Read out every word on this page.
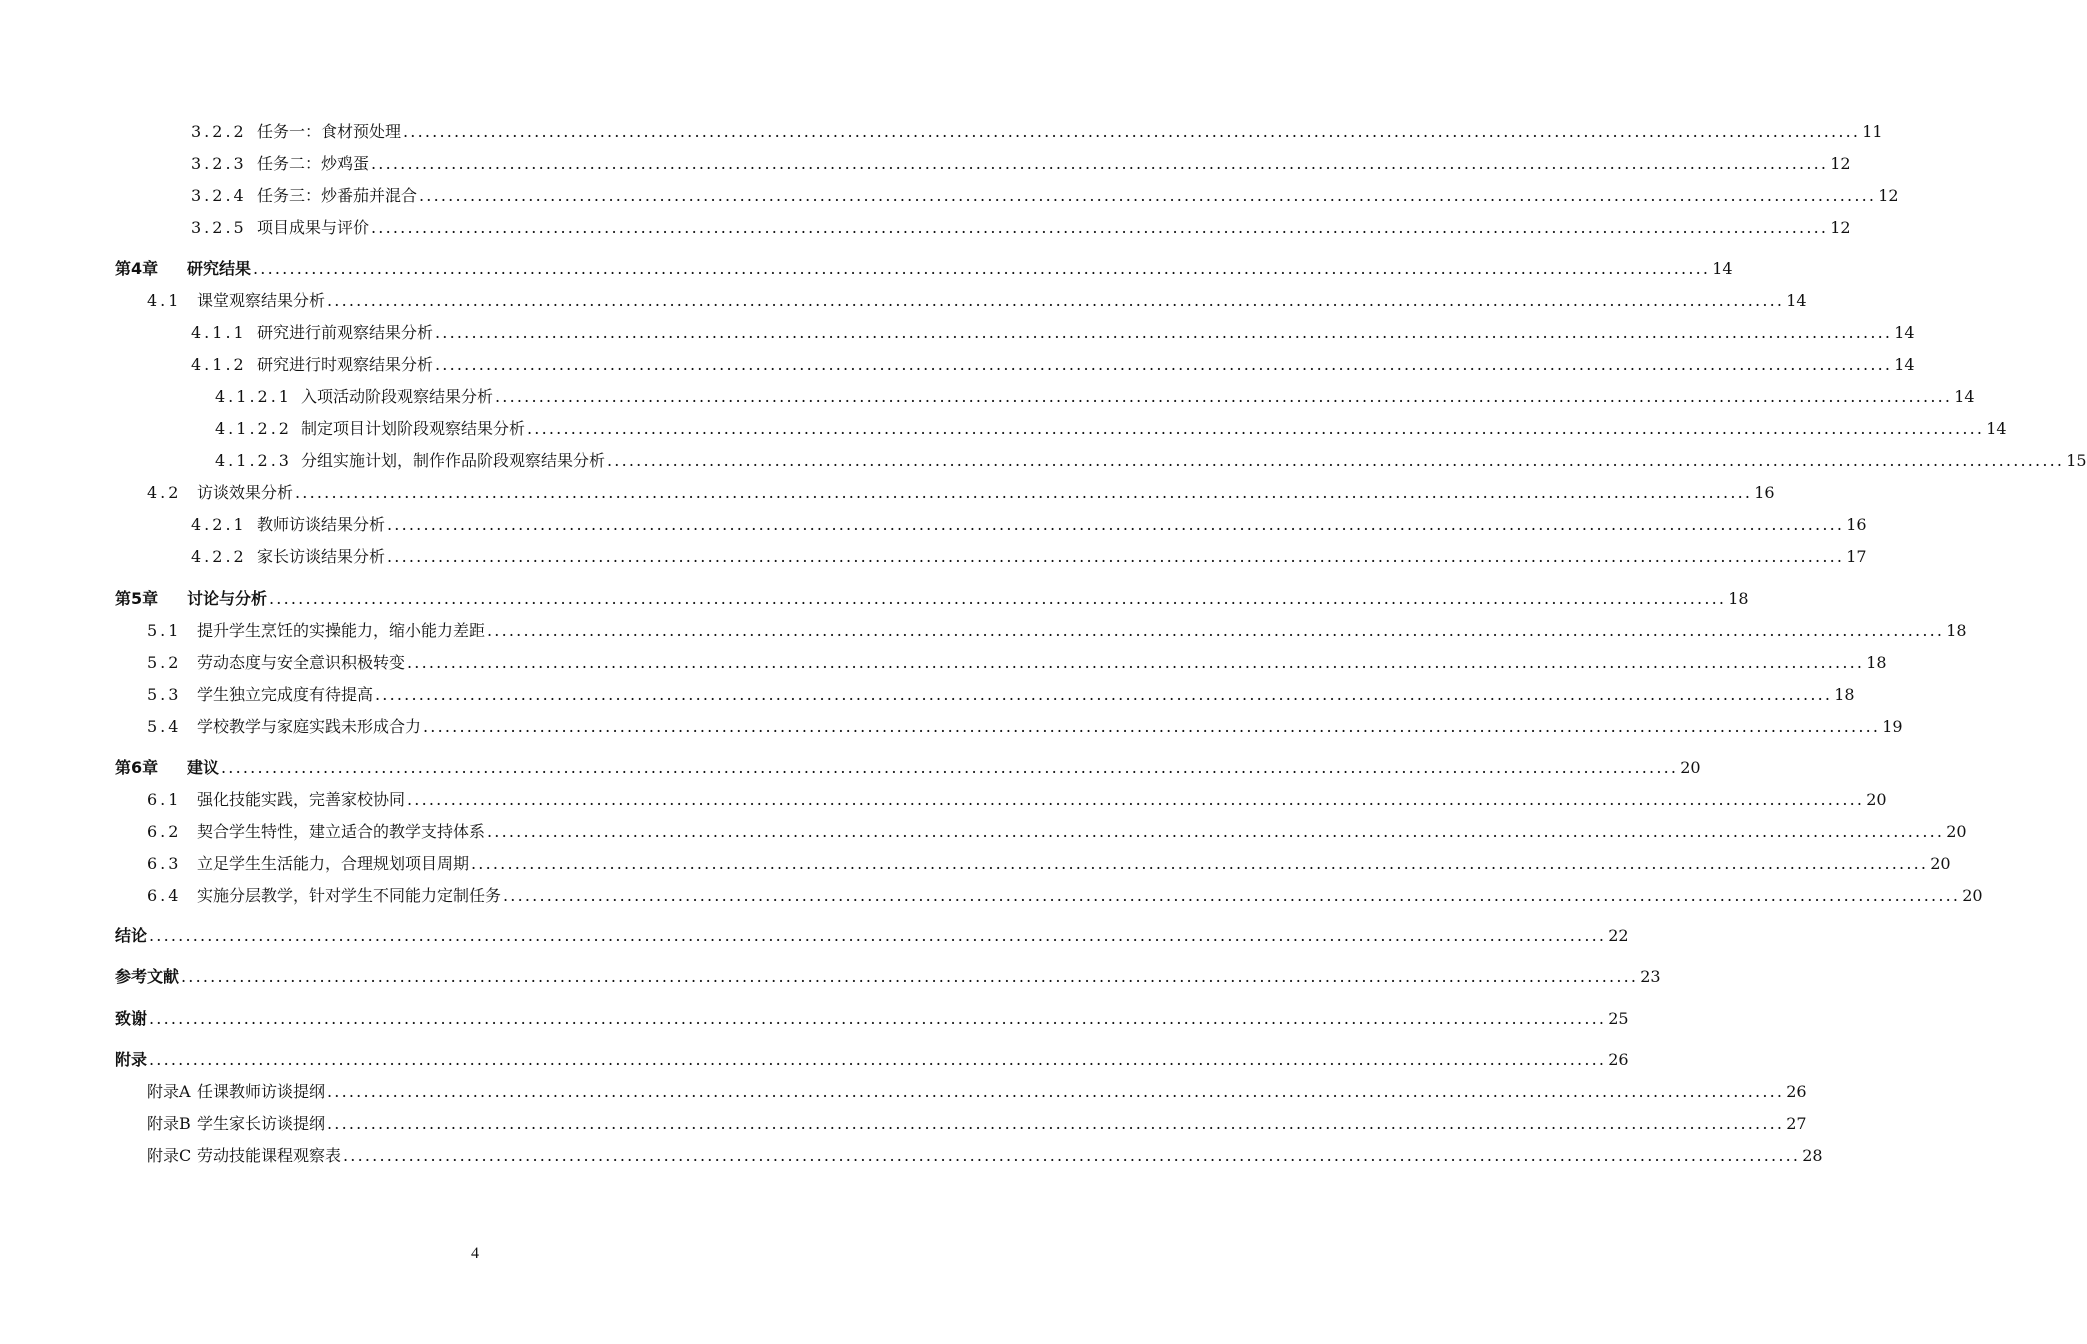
3.2.2 任务一：食材预处理 ........................................................................................................................................................................................................ 11
3.2.3 任务二：炒鸡蛋 ........................................................................................................................................................................................................ 12
3.2.4 任务三：炒番茄并混合 ........................................................................................................................................................................................................ 12
3.2.5 项目成果与评价 ........................................................................................................................................................................................................ 12
第4章	研究结果 ........................................................................................................................................................................................................ 14
4.1 课堂观察结果分析 ........................................................................................................................................................................................................ 14
4.1.1 研究进行前观察结果分析 ........................................................................................................................................................................................................ 14
4.1.2 研究进行时观察结果分析 ........................................................................................................................................................................................................ 14
4.1.2.1 入项活动阶段观察结果分析 ........................................................................................................................................................................................................ 14
4.1.2.2 制定项目计划阶段观察结果分析 ........................................................................................................................................................................................................ 14
4.1.2.3 分组实施计划，制作作品阶段观察结果分析 ........................................................................................................................................................................................................ 15
4.2 访谈效果分析 ........................................................................................................................................................................................................ 16
4.2.1 教师访谈结果分析 ........................................................................................................................................................................................................ 16
4.2.2 家长访谈结果分析 ........................................................................................................................................................................................................ 17
第5章	讨论与分析 ........................................................................................................................................................................................................ 18
5.1 提升学生烹饪的实操能力，缩小能力差距 ........................................................................................................................................................................................................ 18
5.2 劳动态度与安全意识积极转变 ........................................................................................................................................................................................................ 18
5.3 学生独立完成度有待提高 ........................................................................................................................................................................................................ 18
5.4 学校教学与家庭实践未形成合力 ........................................................................................................................................................................................................ 19
第6章	建议 ........................................................................................................................................................................................................ 20
6.1 强化技能实践，完善家校协同 ........................................................................................................................................................................................................ 20
6.2 契合学生特性，建立适合的教学支持体系 ........................................................................................................................................................................................................ 20
6.3 立足学生生活能力，合理规划项目周期 ........................................................................................................................................................................................................ 20
6.4 实施分层教学，针对学生不同能力定制任务 ........................................................................................................................................................................................................ 20
结论 ........................................................................................................................................................................................................ 22
参考文献 ........................................................................................................................................................................................................ 23
致谢 ........................................................................................................................................................................................................ 25
附录 ........................................................................................................................................................................................................ 26
附录A 任课教师访谈提纲 ........................................................................................................................................................................................................ 26
附录B 学生家长访谈提纲 ........................................................................................................................................................................................................ 27
附录C 劳动技能课程观察表 ........................................................................................................................................................................................................ 28
4
